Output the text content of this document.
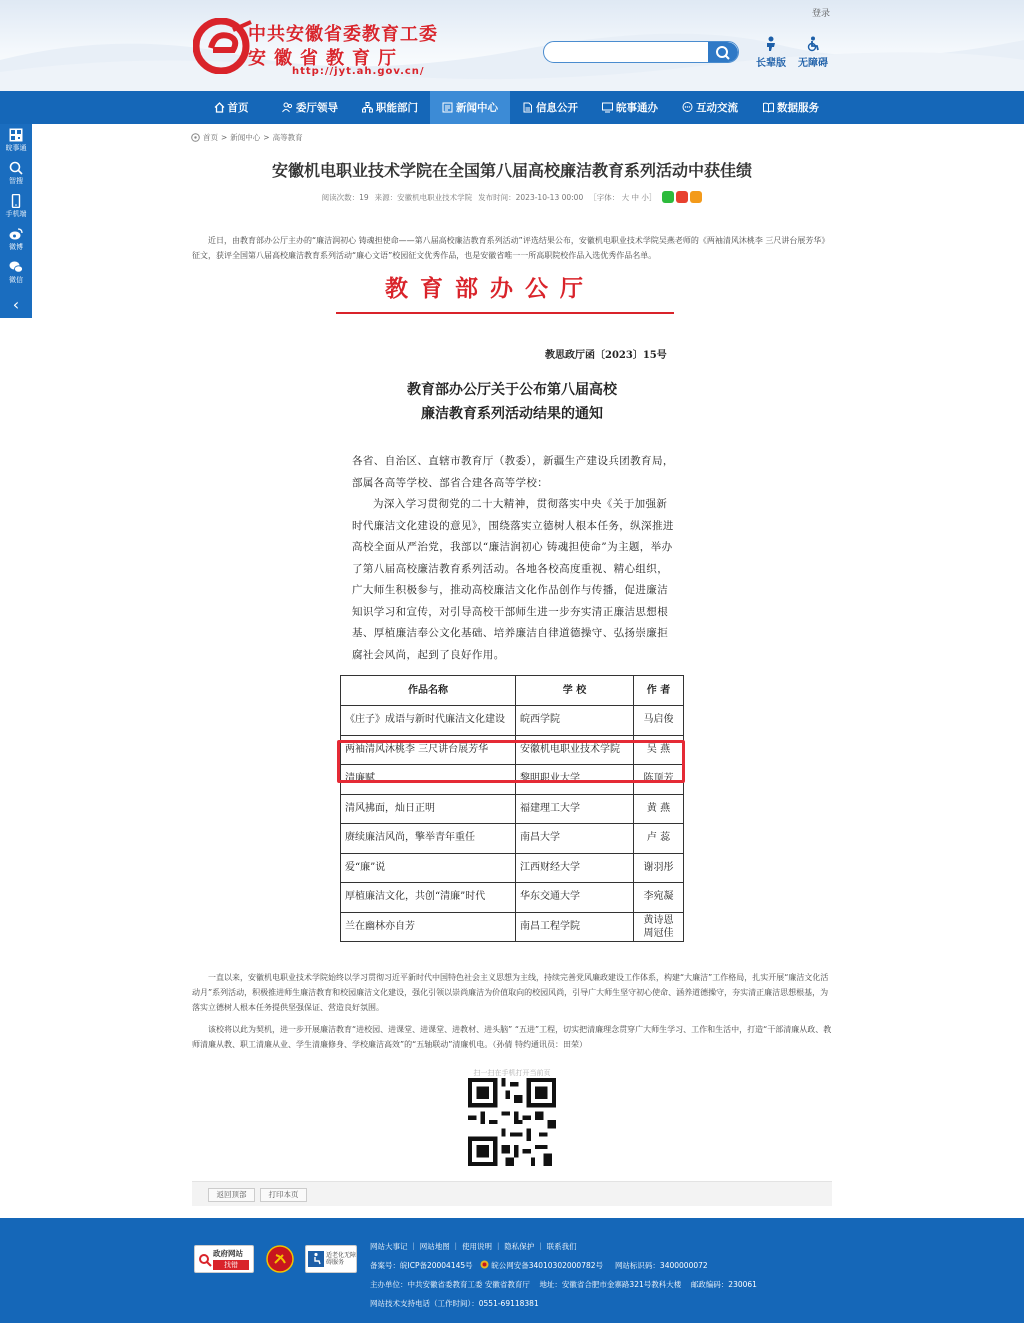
登录
中共安徽省委教育工委
安徽省教育厅
http://jyt.ah.gov.cn/
长辈版	无障碍
首页	委厅领导	职能部门	新闻中心	信息公开	皖事通办	互动交流	数据服务
皖事通
智搜
手机端
微博
微信
‹
首页 > 新闻中心 > 高等教育
安徽机电职业技术学院在全国第八届高校廉洁教育系列活动中获佳绩
阅读次数：19 来源：安徽机电职业技术学院 发布时间：2023-10-13 00:00 ［字体： 大 中 小］

近日，由教育部办公厅主办的“廉洁润初心 铸魂担使命——第八届高校廉洁教育系列活动”评选结果公布，安徽机电职业技术学院吴燕老师的《两袖清风沐桃李 三尺讲台展芳华》征文，获评全国第八届高校廉洁教育系列活动“廉心文语”校园征文优秀作品，也是安徽省唯一一所高职院校作品入选优秀作品名单。

教育部办公厅
教思政厅函〔2023〕15号
教育部办公厅关于公布第八届高校
廉洁教育系列活动结果的通知

各省、自治区、直辖市教育厅（教委），新疆生产建设兵团教育局，部属各高等学校、部省合建各高等学校：

为深入学习贯彻党的二十大精神，贯彻落实中央《关于加强新时代廉洁文化建设的意见》，围绕落实立德树人根本任务，纵深推进高校全面从严治党，我部以“廉洁润初心 铸魂担使命”为主题，举办了第八届高校廉洁教育系列活动。各地各校高度重视、精心组织，广大师生积极参与，推动高校廉洁文化作品创作与传播，促进廉洁知识学习和宣传，对引导高校干部师生进一步夯实清正廉洁思想根基、厚植廉洁奉公文化基础、培养廉洁自律道德操守、弘扬崇廉拒腐社会风尚，起到了良好作用。

作品名称	学 校	作 者
《庄子》成语与新时代廉洁文化建设	皖西学院	马启俊
两袖清风沐桃李 三尺讲台展芳华	安徽机电职业技术学院	吴 燕
清廉赋	黎明职业大学	陈顶芳
清风拂面，灿日正明	福建理工大学	黄 燕
赓续廉洁风尚，擎举青年重任	南昌大学	卢 蕊
爱“廉”说	江西财经大学	谢羽彤
厚植廉洁文化，共创“清廉”时代	华东交通大学	李宛凝
兰在幽林亦自芳	南昌工程学院	黄诗恩 周冠佳

一直以来，安徽机电职业技术学院始终以学习贯彻习近平新时代中国特色社会主义思想为主线，持续完善党风廉政建设工作体系，构建“大廉洁”工作格局，扎实开展“廉洁文化活动月”系列活动，积极推进师生廉洁教育和校园廉洁文化建设，强化引领以崇尚廉洁为价值取向的校园风尚，引导广大师生坚守初心使命、涵养道德操守，夯实清正廉洁思想根基，为落实立德树人根本任务提供坚强保证、营造良好氛围。

该校将以此为契机，进一步开展廉洁教育“进校园、进课堂、进课堂、进教材、进头脑” “五进”工程，切实把清廉理念贯穿广大师生学习、工作和生活中，打造“干部清廉从政、教师清廉从教、职工清廉从业、学生清廉修身、学校廉洁高效”的“五轴联动”清廉机电。（孙倩 特约通讯员：田荣）

扫一扫在手机打开当前页
返回顶部	打印本页
政府网站
找错
适老化无障碍服务
网站大事记 ｜ 网站地图 ｜ 使用说明 ｜ 隐私保护 ｜ 联系我们
备案号：皖ICP备20004145号 皖公网安备34010302000782号 网站标识码：3400000072
主办单位：中共安徽省委教育工委 安徽省教育厅 地址：安徽省合肥市金寨路321号教科大楼 邮政编码：230061
网站技术支持电话（工作时间）：0551-69118381
